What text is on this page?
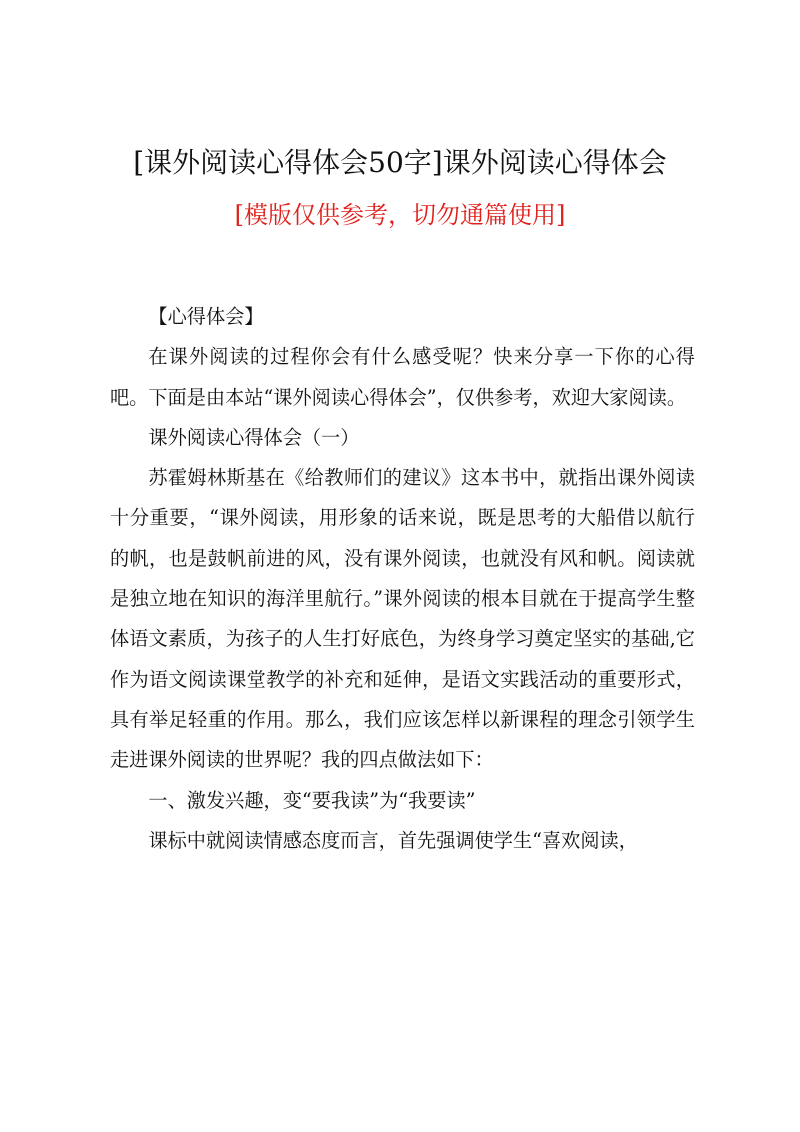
[课外阅读心得体会50字]课外阅读心得体会
[模版仅供参考，切勿通篇使用]

【心得体会】

在课外阅读的过程你会有什么感受呢？快来分享一下你的心得吧。下面是由本站“课外阅读心得体会”，仅供参考，欢迎大家阅读。

课外阅读心得体会（一）

苏霍姆林斯基在《给教师们的建议》这本书中，就指出课外阅读十分重要，“课外阅读，用形象的话来说，既是思考的大船借以航行的帆，也是鼓帆前进的风，没有课外阅读，也就没有风和帆。阅读就是独立地在知识的海洋里航行。”课外阅读的根本目就在于提高学生整体语文素质，为孩子的人生打好底色，为终身学习奠定坚实的基础,它作为语文阅读课堂教学的补充和延伸，是语文实践活动的重要形式，具有举足轻重的作用。那么，我们应该怎样以新课程的理念引领学生走进课外阅读的世界呢？我的四点做法如下：

一、激发兴趣，变“要我读”为“我要读”

课标中就阅读情感态度而言，首先强调使学生“喜欢阅读，
